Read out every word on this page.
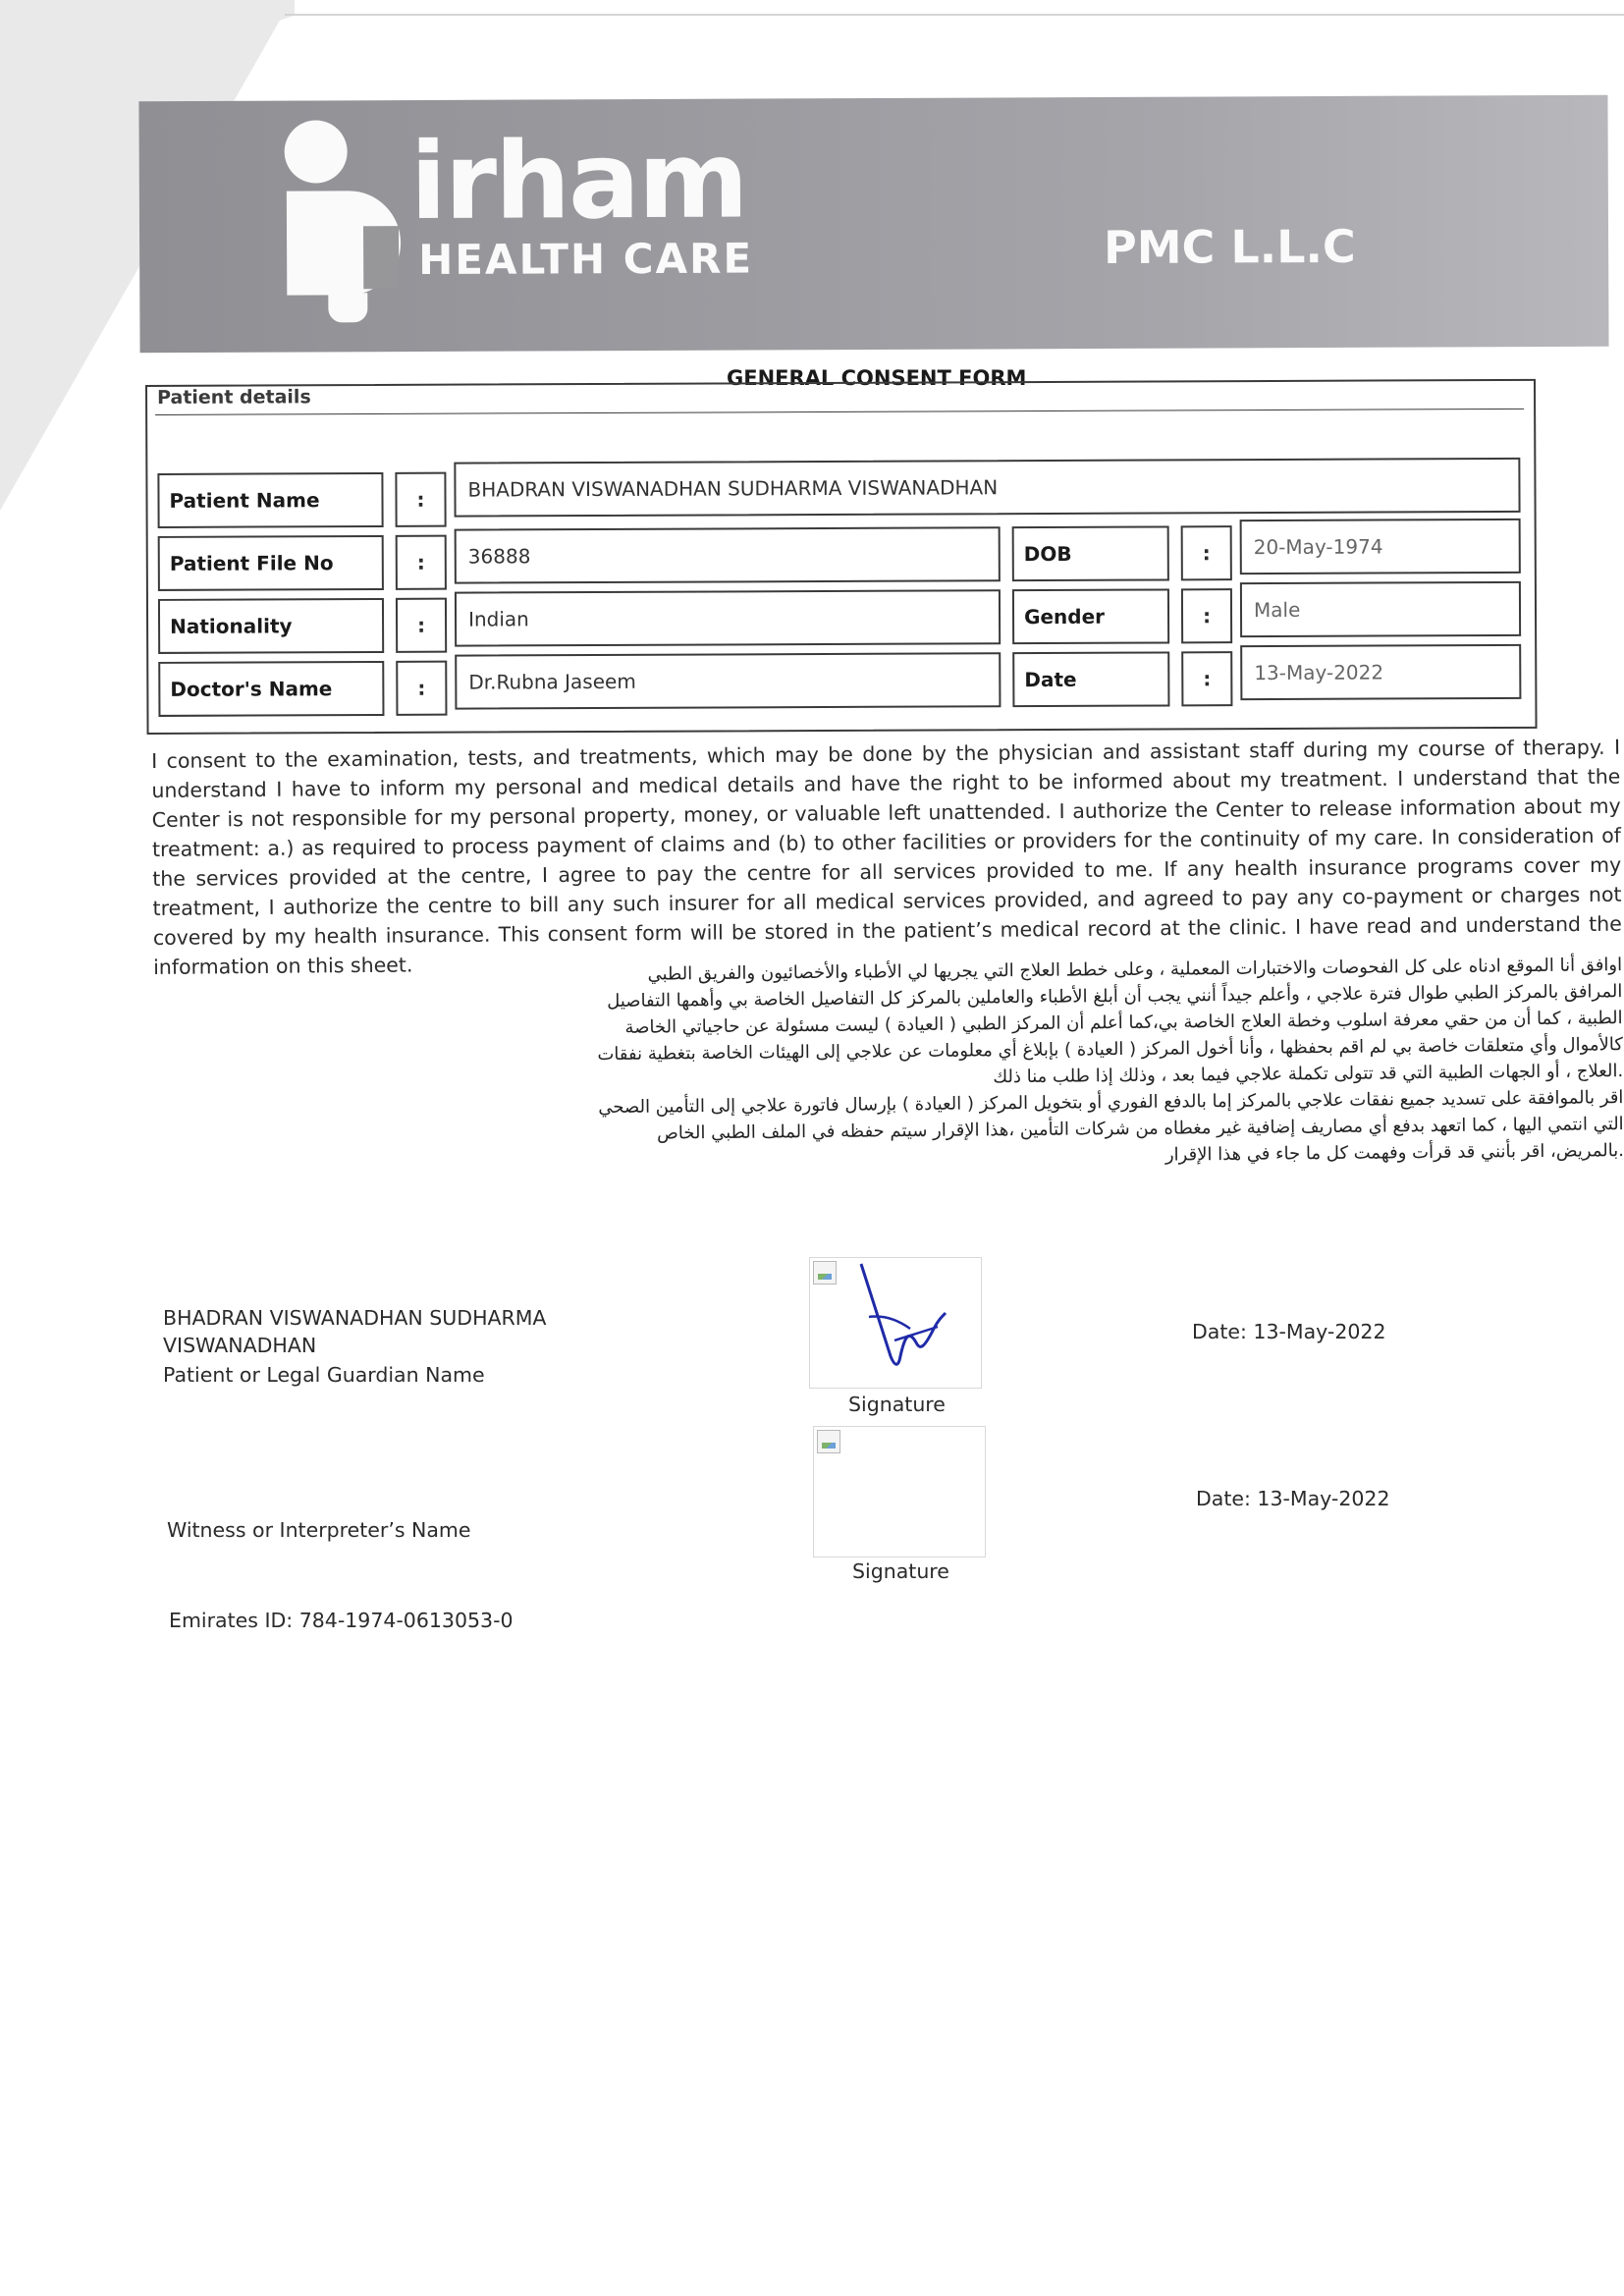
irham
HEALTH CARE	PMC L.L.C
GENERAL CONSENT FORM
Patient details
Patient Name	:	BHADRAN VISWANADHAN SUDHARMA VISWANADHAN
Patient File No	:	36888	DOB	:	20-May-1974
Nationality	:	Indian	Gender	:	Male
Doctor's Name	:	Dr.Rubna Jaseem	Date	:	13-May-2022
I consent to the examination, tests, and treatments, which may be done by the physician and assistant staff during my course of therapy. I understand I have to inform my personal and medical details and have the right to be informed about my treatment. I understand that the Center is not responsible for my personal property, money, or valuable left unattended. I authorize the Center to release information about my treatment: a.) as required to process payment of claims and (b) to other facilities or providers for the continuity of my care. In consideration of the services provided at the centre, I agree to pay the centre for all services provided to me. If any health insurance programs cover my treatment, I authorize the centre to bill any such insurer for all medical services provided, and agreed to pay any co-payment or charges not covered by my health insurance. This consent form will be stored in the patient’s medical record at the clinic. I have read and understand the information on this sheet.	اوافق أنا الموقع ادناه على كل الفحوصات والاختبارات المعملية ، وعلى خطط العلاج التي يجريها لي الأطباء والأخصائيون والفريق الطبي

المرافق بالمركز الطبي طوال فترة علاجي ، وأعلم جيداً أنني يجب أن أبلغ الأطباء والعاملين بالمركز كل التفاصيل الخاصة بي وأهمها التفاصيل

الطبية ، كما أن من حقي معرفة اسلوب وخطة العلاج الخاصة بي،كما أعلم أن المركز الطبي ( العيادة ) ليست مسئولة عن حاجياتي الخاصة

كالأموال وأي متعلقات خاصة بي لم اقم بحفظها ، وأنا أخول المركز ( العيادة ) بإبلاغ أي معلومات عن علاجي إلى الهيئات الخاصة بتغطية نفقات

.العلاج ، أو الجهات الطبية التي قد تتولى تكملة علاجي فيما بعد ، وذلك إذا طلب منا ذلك

اقر بالموافقة على تسديد جميع نفقات علاجي بالمركز إما بالدفع الفوري أو بتخويل المركز ( العيادة ) بإرسال فاتورة علاجي إلى التأمين الصحي

التي انتمي اليها ، كما اتعهد بدفع أي مصاريف إضافية غير مغطاه من شركات التأمين ،هذا الإقرار سيتم حفظه في الملف الطبي الخاص

.بالمريض، اقر بأنني قد قرأت وفهمت كل ما جاء في هذا الإقرار

BHADRAN VISWANADHAN SUDHARMA
VISWANADHAN
Patient or Legal Guardian Name
Signature
Date: 13-May-2022
Signature
Witness or Interpreter’s Name
Date: 13-May-2022
Emirates ID: 784-1974-0613053-0
